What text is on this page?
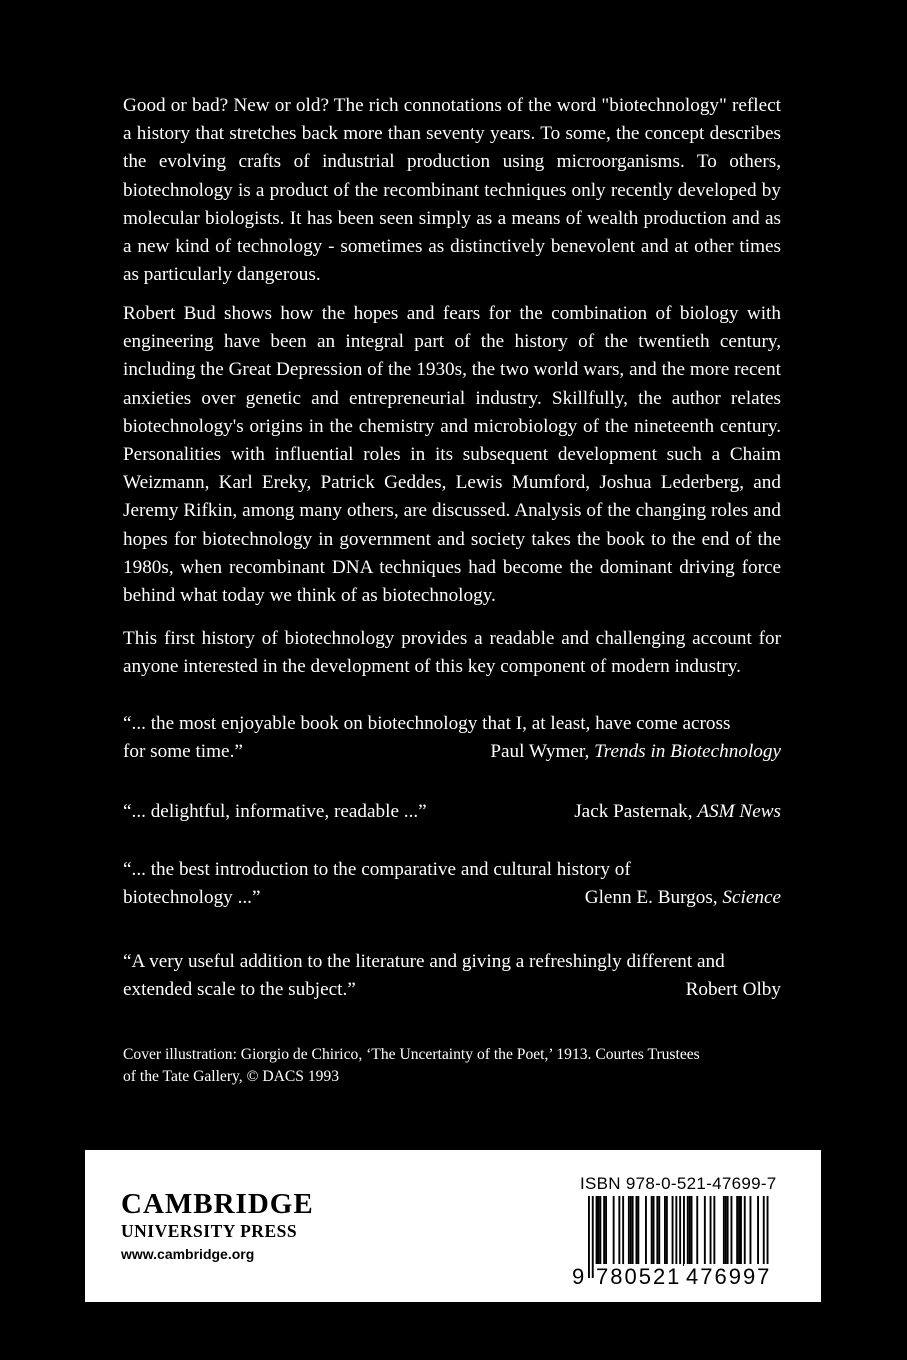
Good or bad? New or old? The rich connotations of the word "biotechnology" reflect a history that stretches back more than seventy years. To some, the concept describes the evolving crafts of industrial production using microorganisms. To others, biotechnology is a product of the recombinant techniques only recently developed by molecular biologists. It has been seen simply as a means of wealth production and as a new kind of technology - sometimes as distinctively benevolent and at other times as particularly dangerous.

Robert Bud shows how the hopes and fears for the combination of biology with engineering have been an integral part of the history of the twentieth century, including the Great Depression of the 1930s, the two world wars, and the more recent anxieties over genetic and entrepreneurial industry. Skillfully, the author relates biotechnology's origins in the chemistry and microbiology of the nineteenth century. Personalities with influential roles in its subsequent development such a Chaim Weizmann, Karl Ereky, Patrick Geddes, Lewis Mumford, Joshua Lederberg, and Jeremy Rifkin, among many others, are discussed. Analysis of the changing roles and hopes for biotechnology in government and society takes the book to the end of the 1980s, when recombinant DNA techniques had become the dominant driving force behind what today we think of as biotechnology.

This first history of biotechnology provides a readable and challenging account for anyone interested in the development of this key component of modern industry.

“... the most enjoyable book on biotechnology that I, at least, have come across
for some time.”	Paul Wymer, Trends in Biotechnology
“... delightful, informative, readable ...”	Jack Pasternak, ASM News
“... the best introduction to the comparative and cultural history of
biotechnology ...”	Glenn E. Burgos, Science
“A very useful addition to the literature and giving a refreshingly different and
extended scale to the subject.”	Robert Olby
Cover illustration: Giorgio de Chirico, ‘The Uncertainty of the Poet,’ 1913. Courtes Trustees
of the Tate Gallery, © DACS 1993
CAMBRIDGE
UNIVERSITY PRESS
www.cambridge.org
ISBN 978-0-521-47699-7
9 780521 476997
